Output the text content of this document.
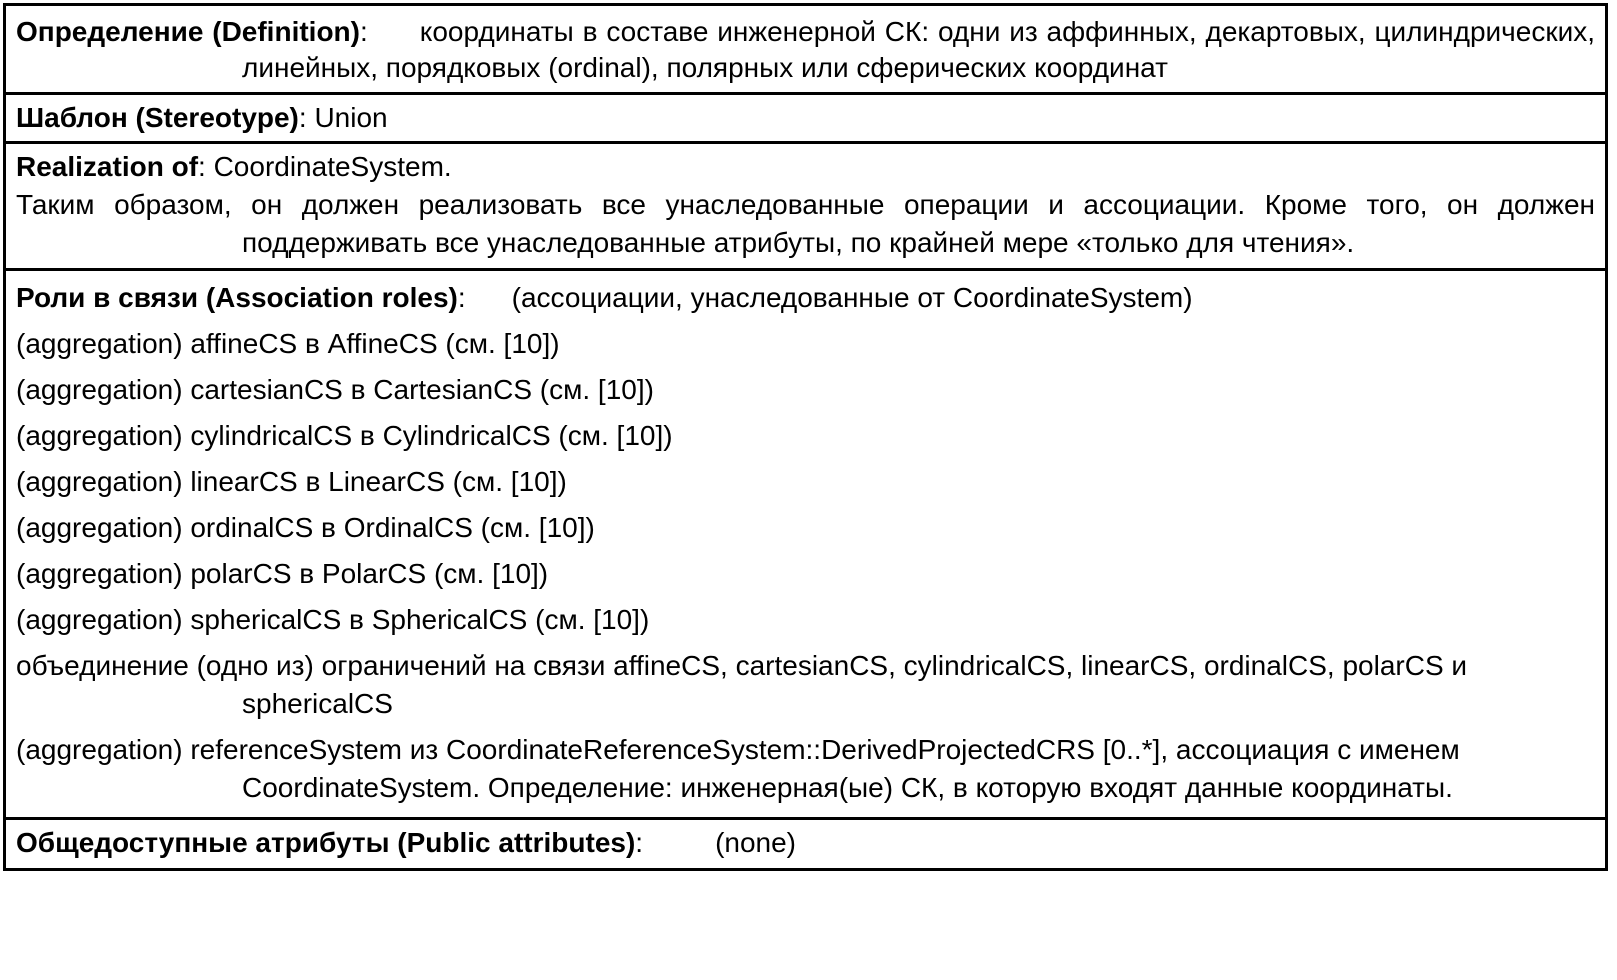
Определение (Definition): координаты в составе инженерной СК: одни из аффинных, декартовых, цилиндрических, линейных, порядковых (ordinal), полярных или сферических координат

Шаблон (Stereotype): Union

Realization of: CoordinateSystem.

Таким образом, он должен реализовать все унаследованные операции и ассоциации. Кроме того, он должен поддерживать все унаследованные атрибуты, по крайней мере «только для чтения».

Роли в связи (Association roles): (ассоциации, унаследованные от CoordinateSystem)

(aggregation) affineCS в AffineCS (см. [10])

(aggregation) cartesianCS в CartesianCS (см. [10])

(aggregation) cylindricalCS в CylindricalCS (см. [10])

(aggregation) linearCS в LinearCS (см. [10])

(aggregation) ordinalCS в OrdinalCS (см. [10])

(aggregation) polarCS в PolarCS (см. [10])

(aggregation) sphericalCS в SphericalCS (см. [10])

объединение (одно из) ограничений на связи affineCS, cartesianCS, cylindricalCS, linearCS, ordinalCS, polarCS и sphericalCS

(aggregation) referenceSystem из CoordinateReferenceSystem::DerivedProjectedCRS [0..*], ассоциация с именем CoordinateSystem. Определение: инженерная(ые) СК, в которую входят данные координаты.

Общедоступные атрибуты (Public attributes):	(none)
